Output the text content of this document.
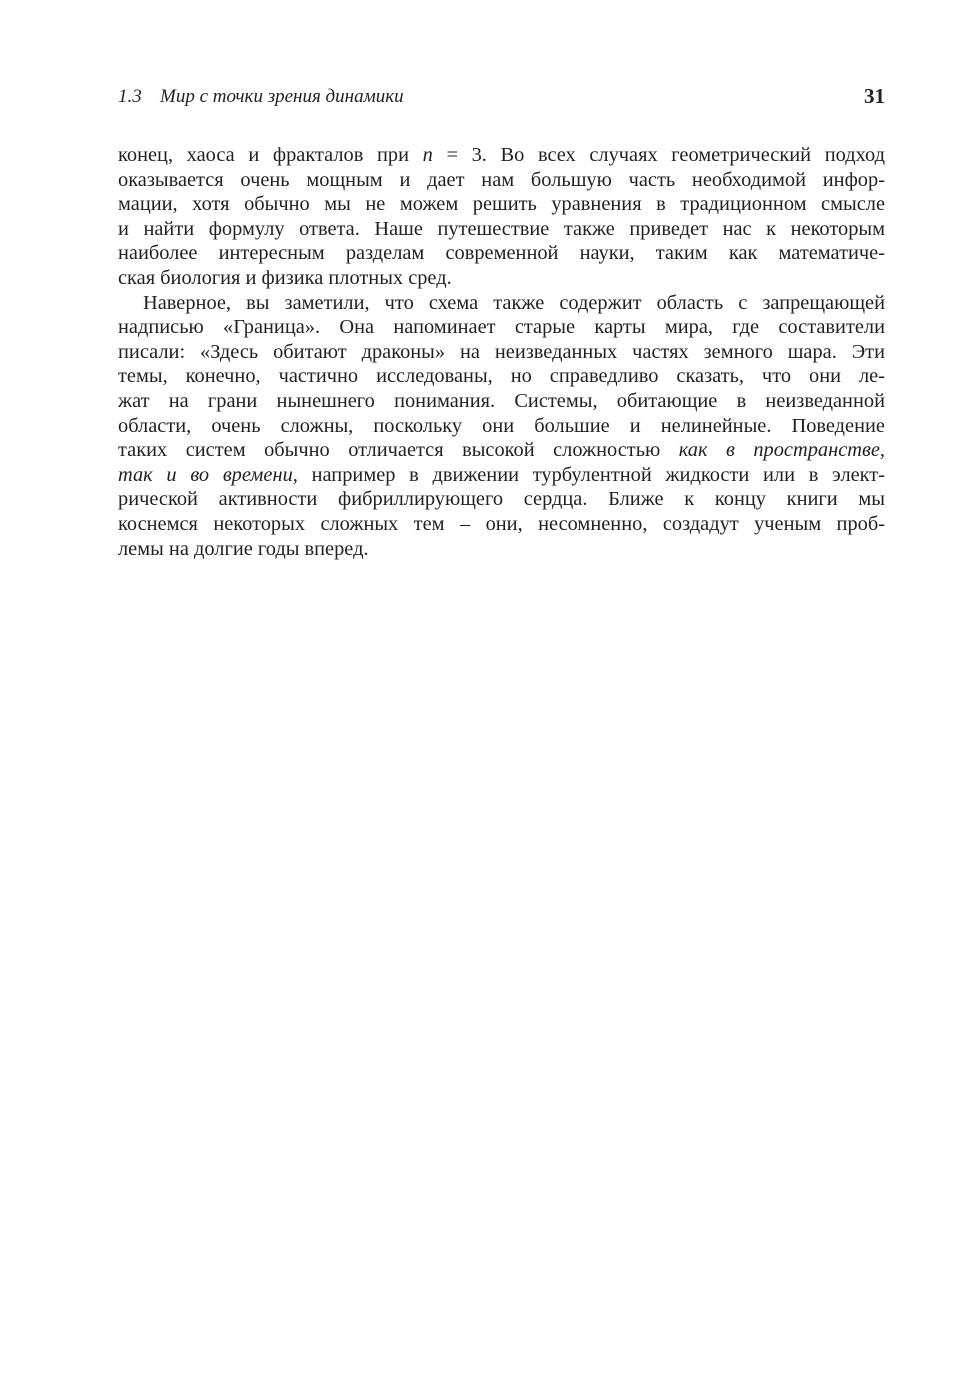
1.3 Мир с точки зрения динамики	31
конец, хаоса и фракталов при n = 3. Во всех случаях геометрический подход
оказывается очень мощным и дает нам большую часть необходимой инфор-
мации, хотя обычно мы не можем решить уравнения в традиционном смысле
и найти формулу ответа. Наше путешествие также приведет нас к некоторым
наиболее интересным разделам современной науки, таким как математиче-
ская биология и физика плотных сред.
Наверное, вы заметили, что схема также содержит область с запрещающей
надписью «Граница». Она напоминает старые карты мира, где составители
писали: «Здесь обитают драконы» на неизведанных частях земного шара. Эти
темы, конечно, частично исследованы, но справедливо сказать, что они ле-
жат на грани нынешнего понимания. Системы, обитающие в неизведанной
области, очень сложны, поскольку они большие и нелинейные. Поведение
таких систем обычно отличается высокой сложностью как в пространстве,
так и во времени, например в движении турбулентной жидкости или в элект-
рической активности фибриллирующего сердца. Ближе к концу книги мы
коснемся некоторых сложных тем – они, несомненно, создадут ученым проб-
лемы на долгие годы вперед.
